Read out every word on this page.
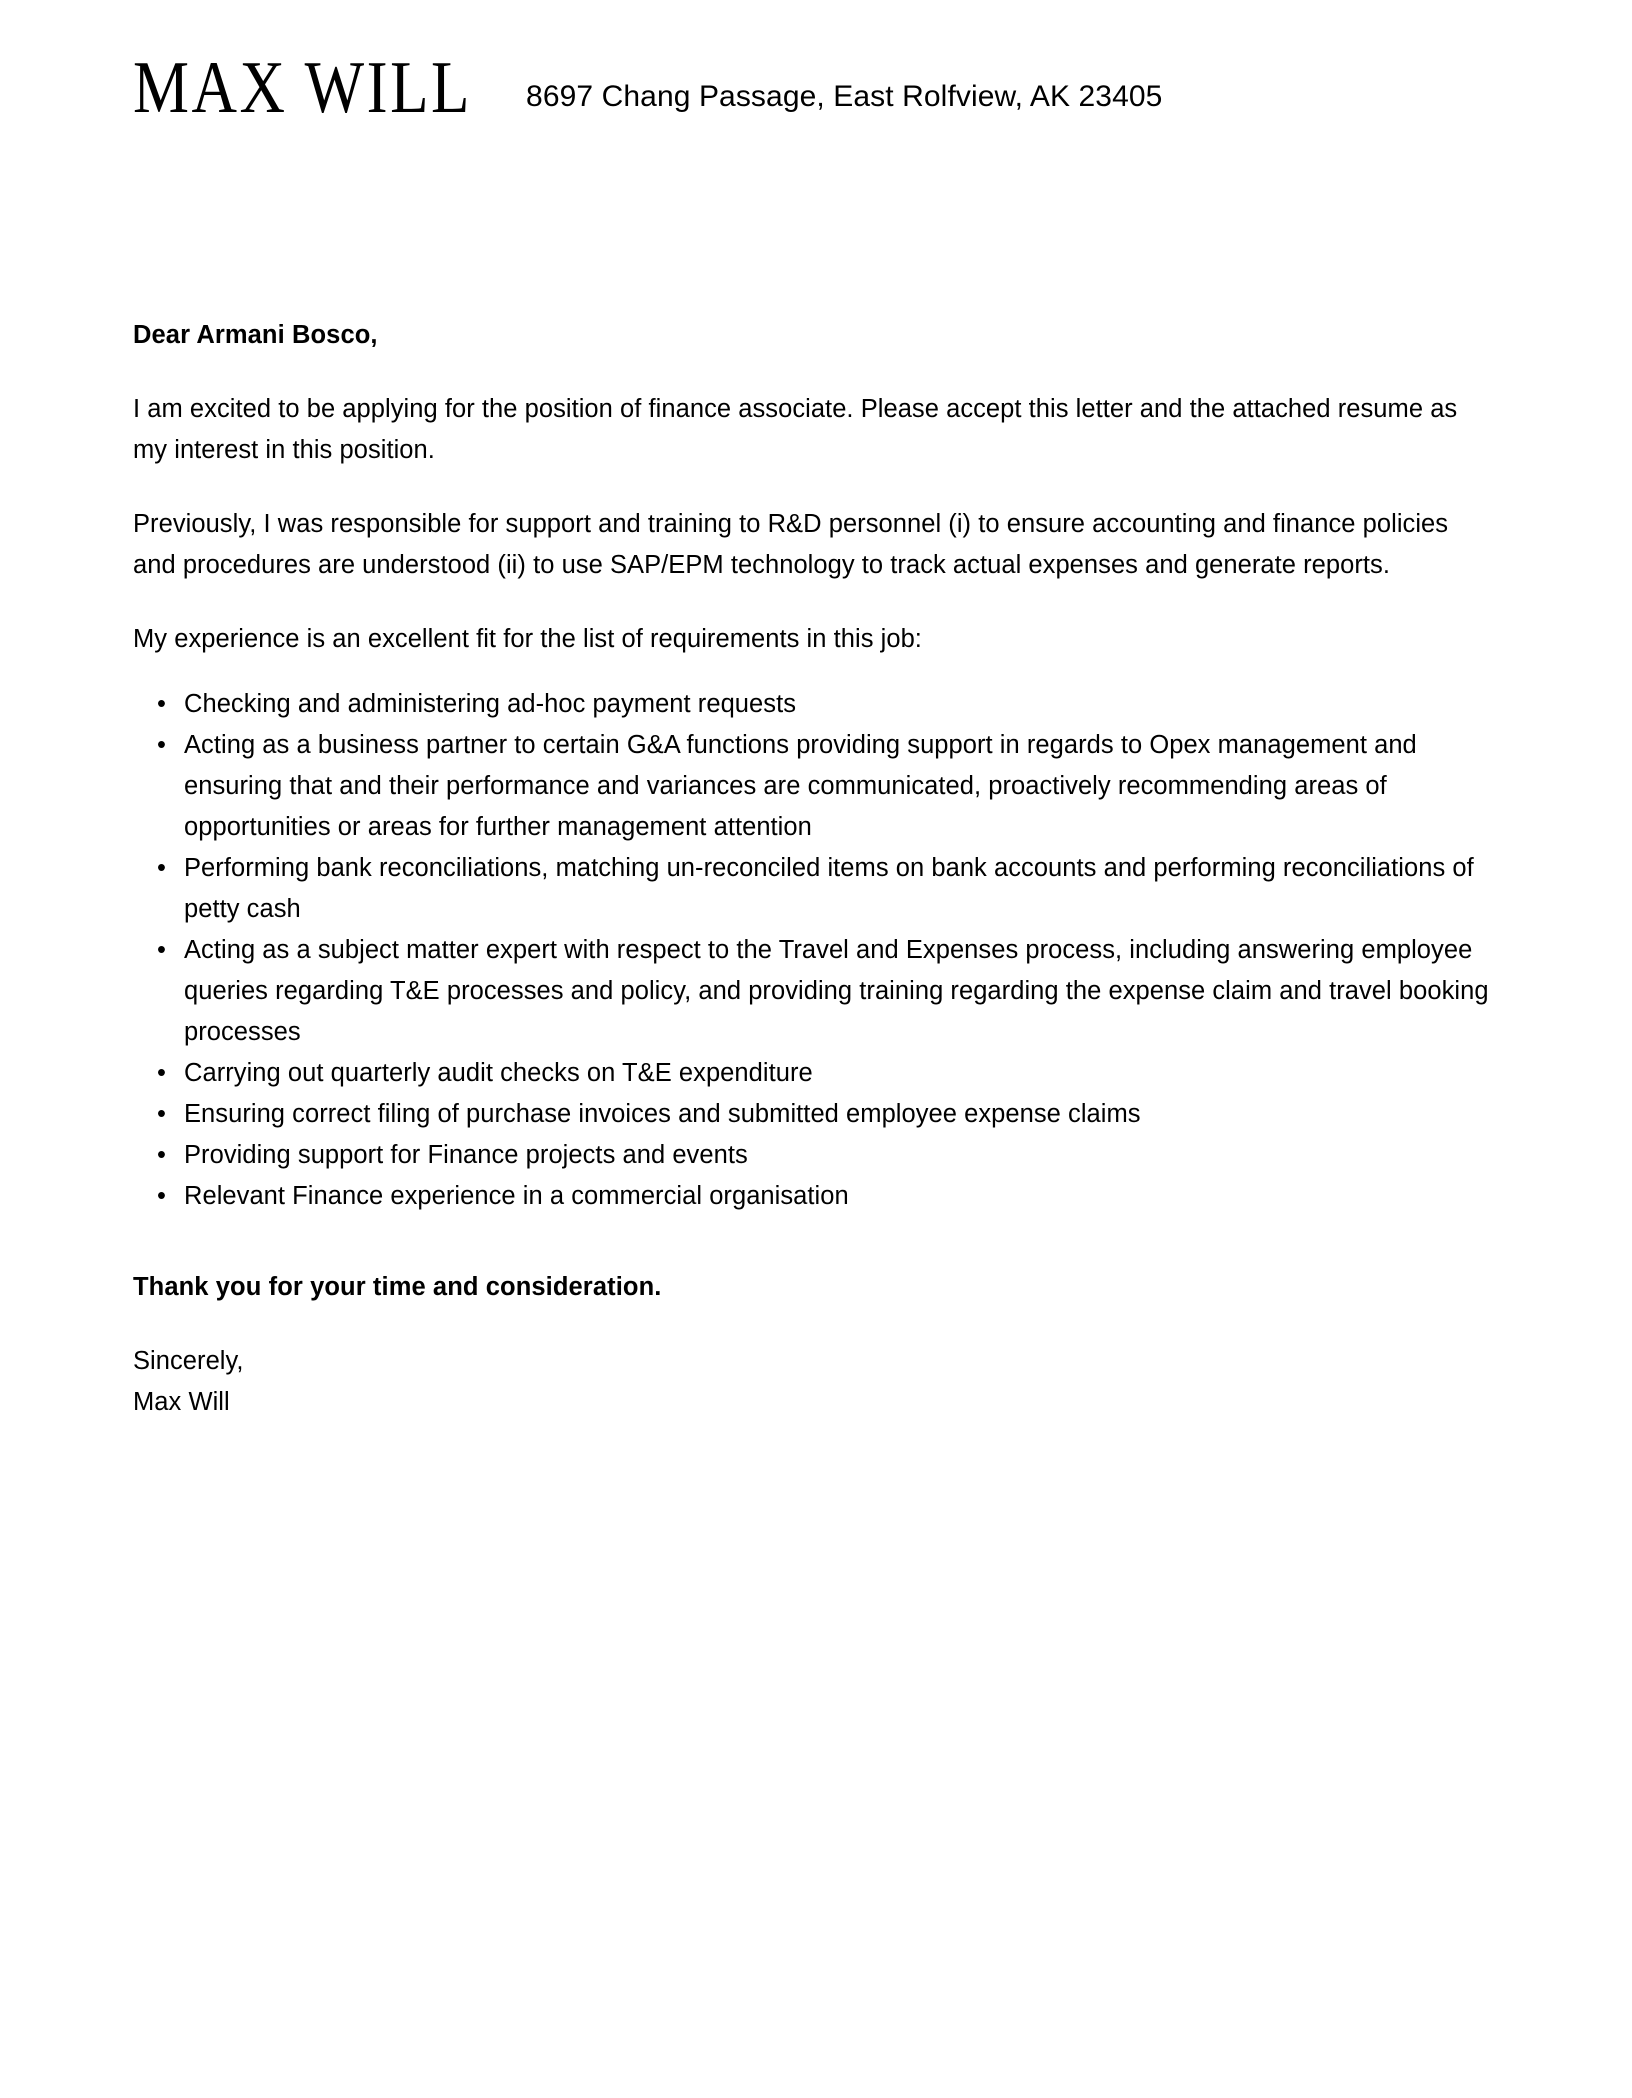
MAX WILL 8697 Chang Passage, East Rolfview, AK 23405

Dear Armani Bosco,

I am excited to be applying for the position of finance associate. Please accept this letter and the attached resume as my interest in this position.

Previously, I was responsible for support and training to R&D personnel (i) to ensure accounting and finance policies and procedures are understood (ii) to use SAP/EPM technology to track actual expenses and generate reports.

My experience is an excellent fit for the list of requirements in this job:

• Checking and administering ad-hoc payment requests
• Acting as a business partner to certain G&A functions providing support in regards to Opex management and ensuring that and their performance and variances are communicated, proactively recommending areas of opportunities or areas for further management attention
• Performing bank reconciliations, matching un-reconciled items on bank accounts and performing reconciliations of petty cash
• Acting as a subject matter expert with respect to the Travel and Expenses process, including answering employee queries regarding T&E processes and policy, and providing training regarding the expense claim and travel booking processes
• Carrying out quarterly audit checks on T&E expenditure
• Ensuring correct filing of purchase invoices and submitted employee expense claims
• Providing support for Finance projects and events
• Relevant Finance experience in a commercial organisation

Thank you for your time and consideration.

Sincerely,
Max Will
